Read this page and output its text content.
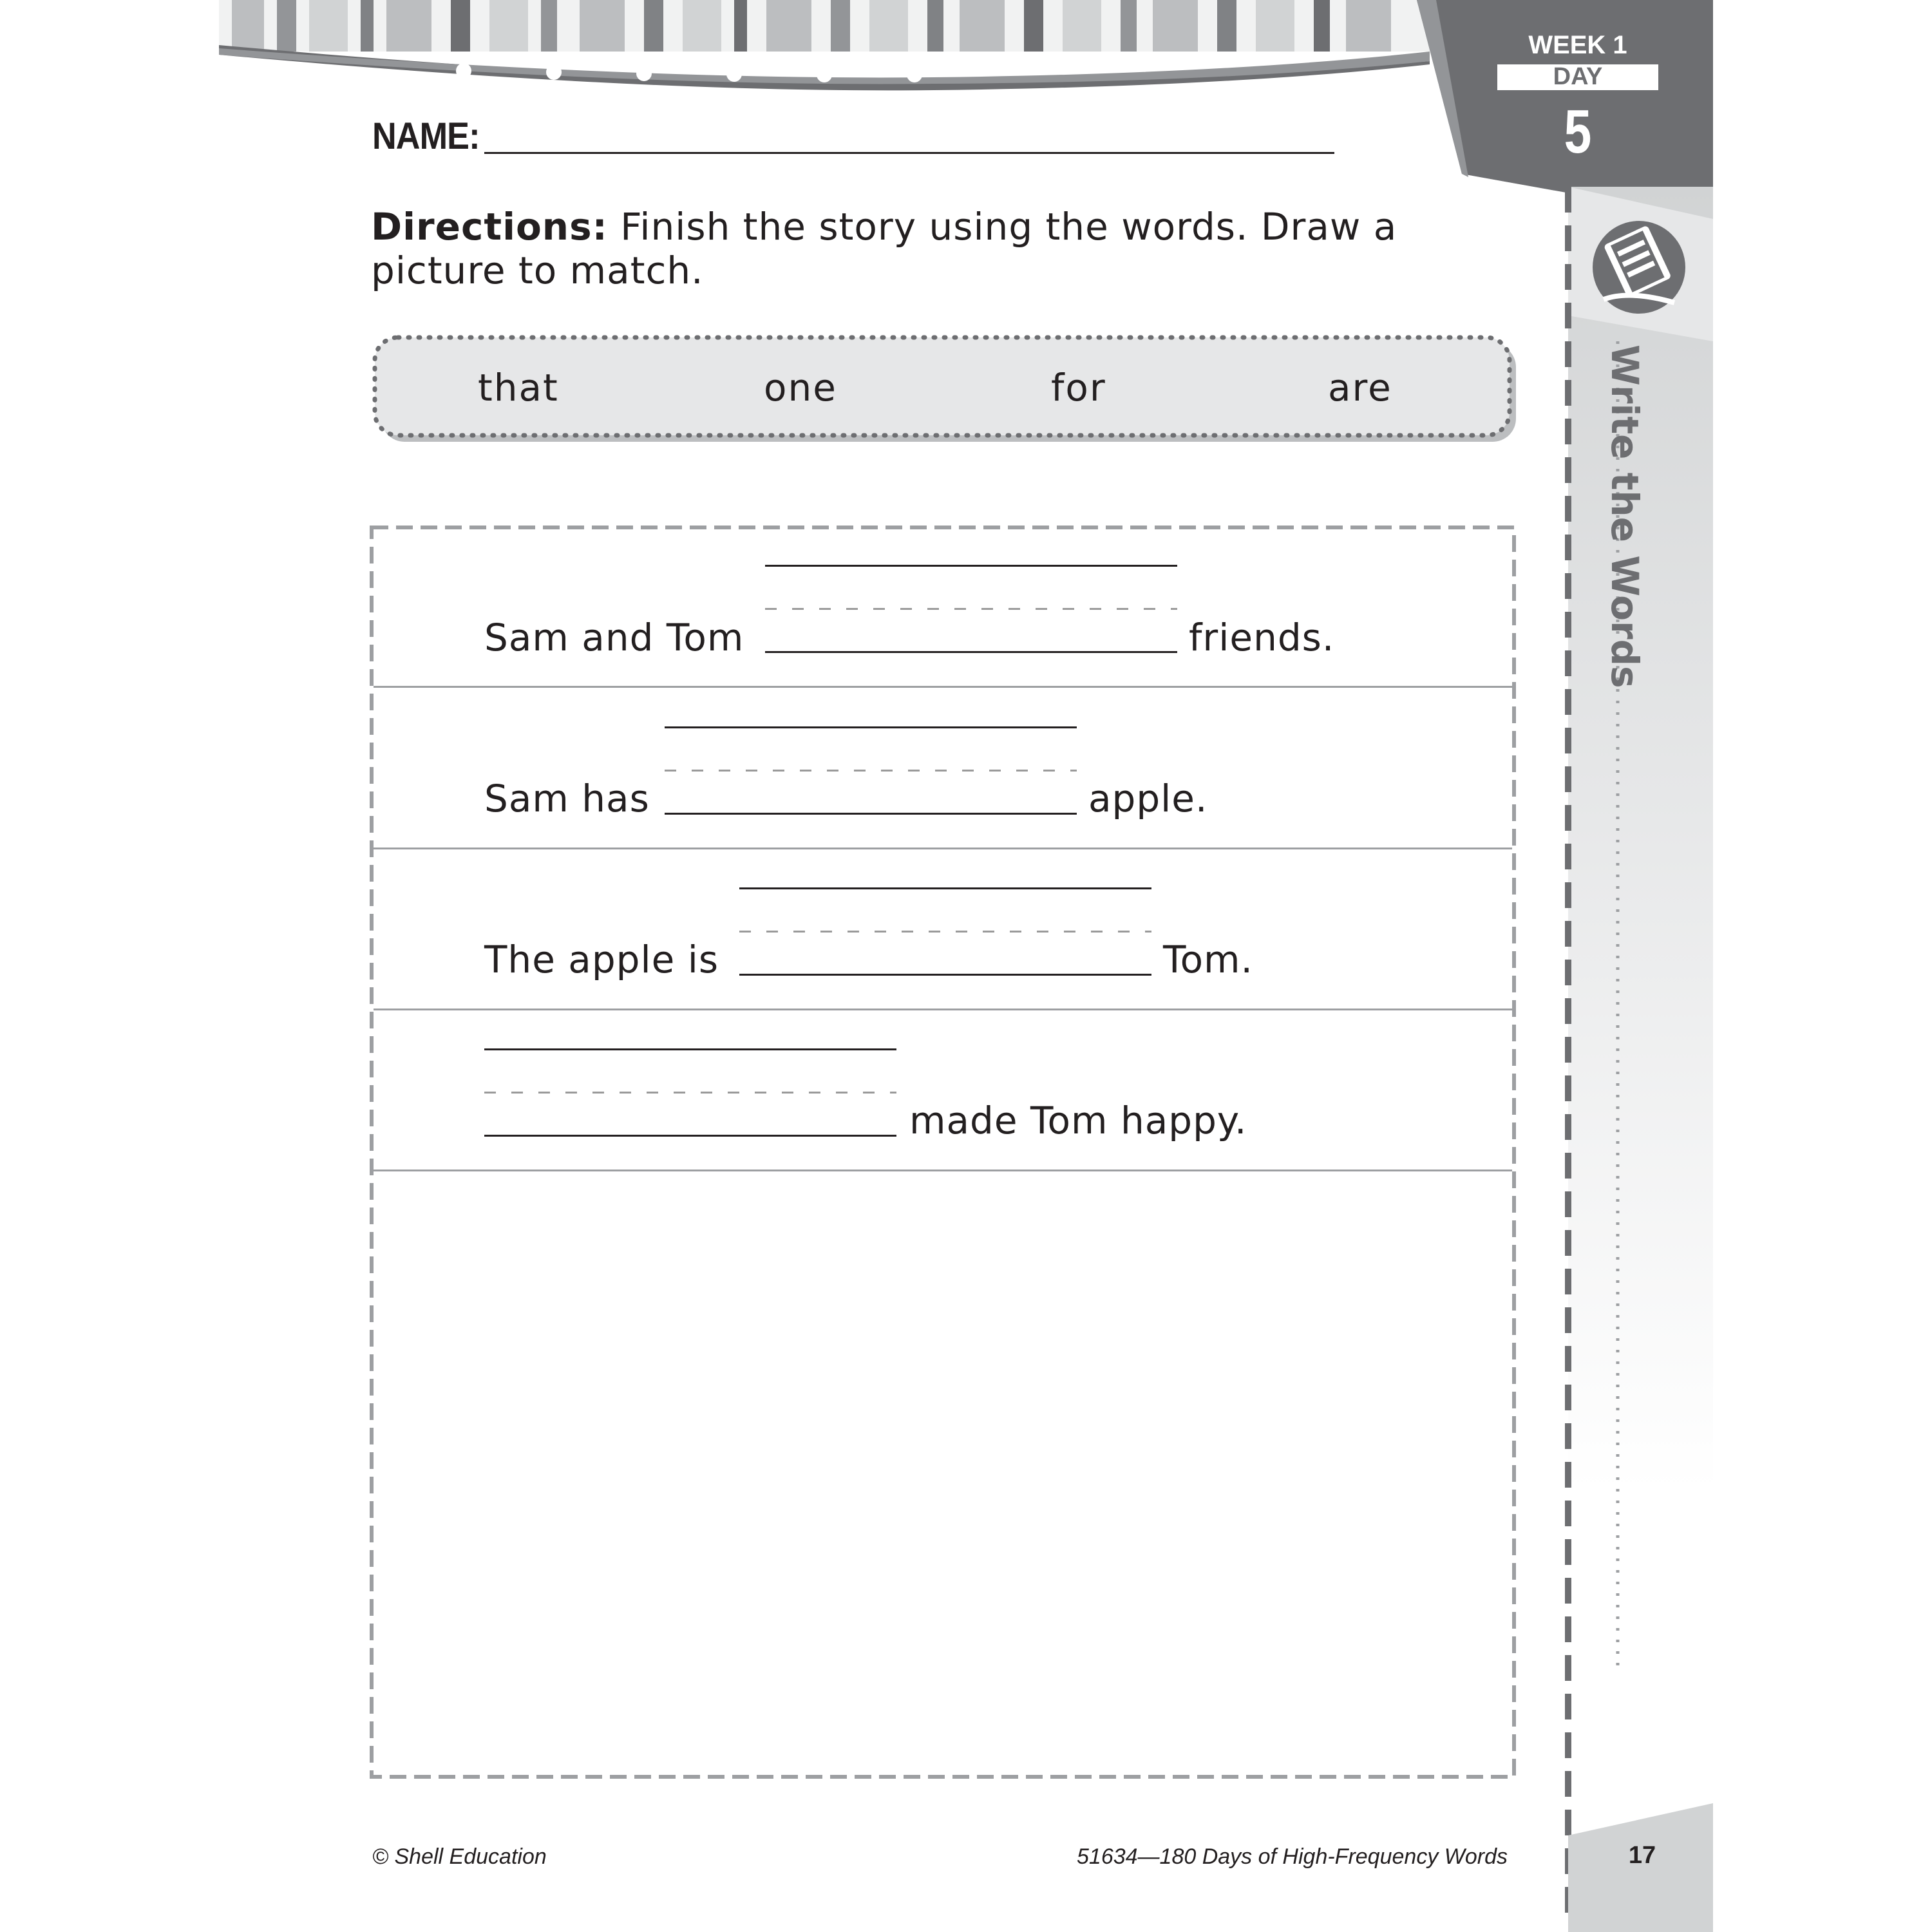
NAME:
WEEK 1
DAY
5
Write the Words
Directions: Finish the story using the words. Draw a picture to match.
that	one	for	are
Sam and Tom	friends.
Sam has	apple.
The apple is	Tom.
made Tom happy.
© Shell Education	51634—180 Days of High-Frequency Words	17
